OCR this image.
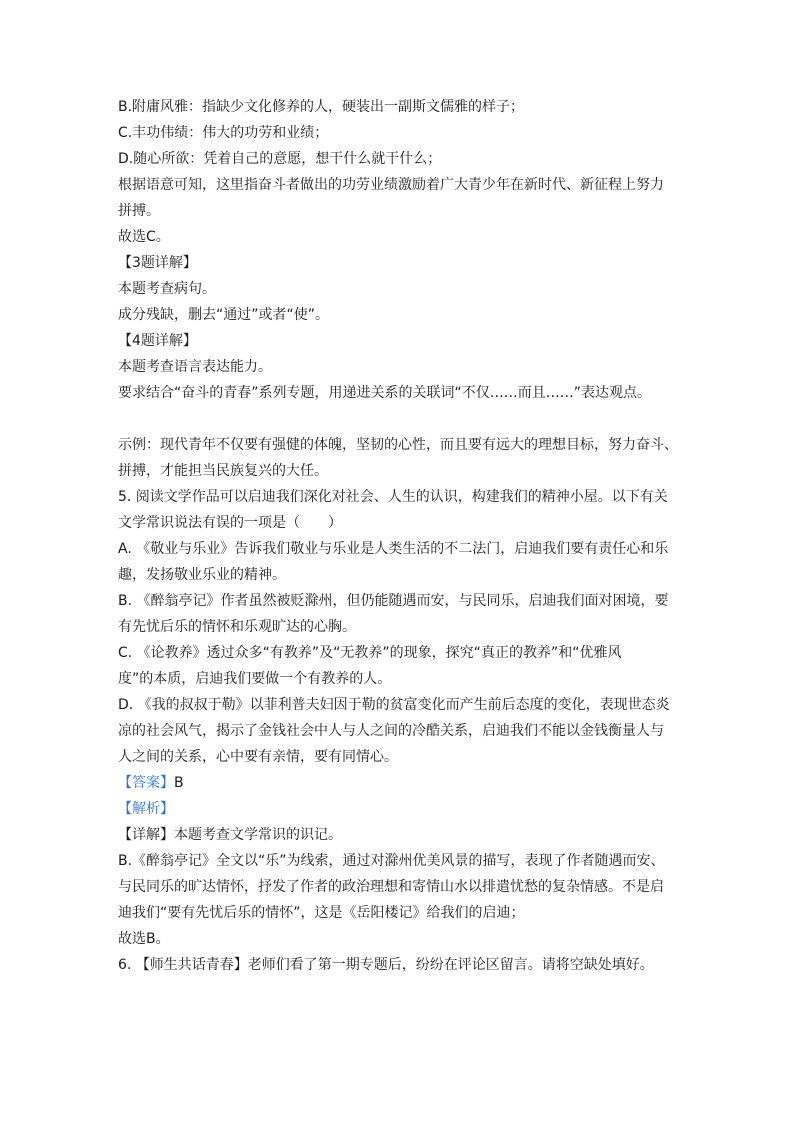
B.附庸风雅：指缺少文化修养的人，硬装出一副斯文儒雅的样子；
C.丰功伟绩：伟大的功劳和业绩；
D.随心所欲：凭着自己的意愿，想干什么就干什么；
根据语意可知，这里指奋斗者做出的功劳业绩激励着广大青少年在新时代、新征程上努力
拼搏。
故选C。
【3题详解】
本题考查病句。
成分残缺，删去“通过”或者“使”。
【4题详解】
本题考查语言表达能力。
要求结合“奋斗的青春”系列专题，用递进关系的关联词“不仅……而且……”表达观点。
示例：现代青年不仅要有强健的体魄，坚韧的心性，而且要有远大的理想目标，努力奋斗、
拼搏，才能担当民族复兴的大任。
5. 阅读文学作品可以启迪我们深化对社会、人生的认识，构建我们的精神小屋。以下有关
文学常识说法有误的一项是（　　）
A. 《敬业与乐业》告诉我们敬业与乐业是人类生活的不二法门，启迪我们要有责任心和乐
趣，发扬敬业乐业的精神。
B. 《醉翁亭记》作者虽然被贬滁州，但仍能随遇而安，与民同乐，启迪我们面对困境，要
有先忧后乐的情怀和乐观旷达的心胸。
C. 《论教养》透过众多“有教养”及“无教养”的现象，探究“真正的教养”和“优雅风
度”的本质，启迪我们要做一个有教养的人。
D. 《我的叔叔于勒》以菲利普夫妇因于勒的贫富变化而产生前后态度的变化，表现世态炎
凉的社会风气，揭示了金钱社会中人与人之间的冷酷关系，启迪我们不能以金钱衡量人与
人之间的关系，心中要有亲情，要有同情心。
【答案】B
【解析】
【详解】本题考查文学常识的识记。
B.《醉翁亭记》全文以“乐”为线索，通过对滁州优美风景的描写，表现了作者随遇而安、
与民同乐的旷达情怀，抒发了作者的政治理想和寄情山水以排遣忧愁的复杂情感。不是启
迪我们“要有先忧后乐的情怀”，这是《岳阳楼记》给我们的启迪；
故选B。
6. 【师生共话青春】老师们看了第一期专题后，纷纷在评论区留言。请将空缺处填好。
